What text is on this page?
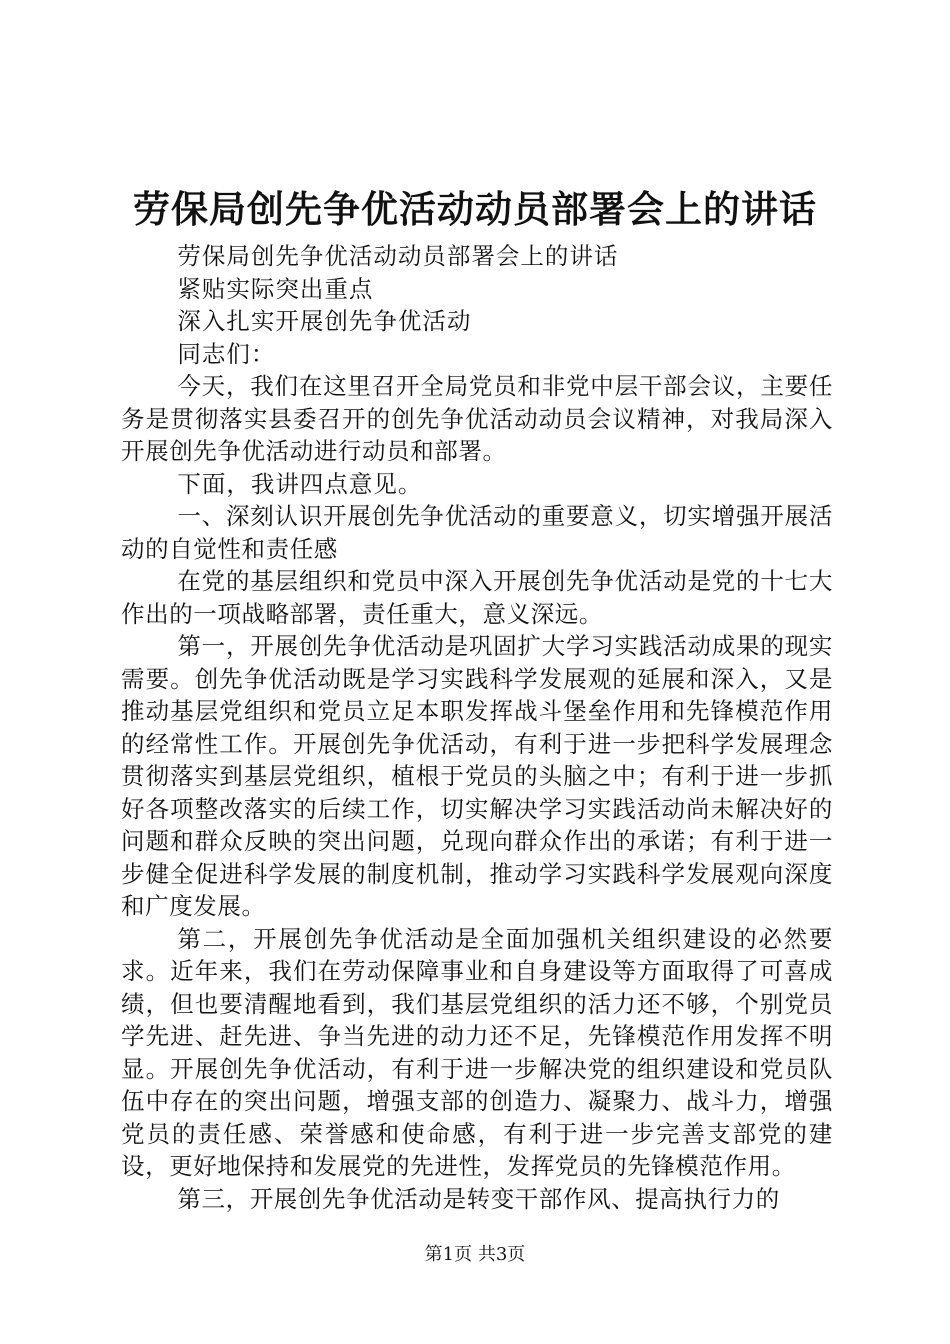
劳保局创先争优活动动员部署会上的讲话

劳保局创先争优活动动员部署会上的讲话

紧贴实际突出重点

深入扎实开展创先争优活动

同志们：

今天，我们在这里召开全局党员和非党中层干部会议，主要任务是贯彻落实县委召开的创先争优活动动员会议精神，对我局深入开展创先争优活动进行动员和部署。

下面，我讲四点意见。

一、深刻认识开展创先争优活动的重要意义，切实增强开展活动的自觉性和责任感

在党的基层组织和党员中深入开展创先争优活动是党的十七大作出的一项战略部署，责任重大，意义深远。

第一，开展创先争优活动是巩固扩大学习实践活动成果的现实需要。创先争优活动既是学习实践科学发展观的延展和深入，又是推动基层党组织和党员立足本职发挥战斗堡垒作用和先锋模范作用的经常性工作。开展创先争优活动，有利于进一步把科学发展理念贯彻落实到基层党组织，植根于党员的头脑之中；有利于进一步抓好各项整改落实的后续工作，切实解决学习实践活动尚未解决好的问题和群众反映的突出问题，兑现向群众作出的承诺；有利于进一步健全促进科学发展的制度机制，推动学习实践科学发展观向深度和广度发展。

第二，开展创先争优活动是全面加强机关组织建设的必然要求。近年来，我们在劳动保障事业和自身建设等方面取得了可喜成绩，但也要清醒地看到，我们基层党组织的活力还不够，个别党员学先进、赶先进、争当先进的动力还不足，先锋模范作用发挥不明显。开展创先争优活动，有利于进一步解决党的组织建设和党员队伍中存在的突出问题，增强支部的创造力、凝聚力、战斗力，增强党员的责任感、荣誉感和使命感，有利于进一步完善支部党的建设，更好地保持和发展党的先进性，发挥党员的先锋模范作用。

第三，开展创先争优活动是转变干部作风、提高执行力的

第1页 共3页
